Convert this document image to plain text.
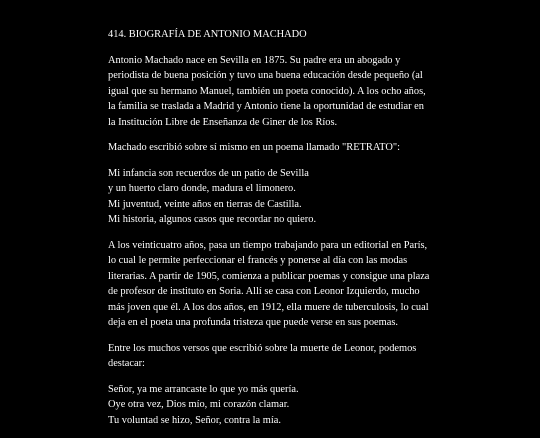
414. BIOGRAFÍA DE ANTONIO MACHADO

Antonio Machado nace en Sevilla en 1875. Su padre era un abogado y periodista de buena posición y tuvo una buena educación desde pequeño (al igual que su hermano Manuel, también un poeta conocido). A los ocho años, la familia se traslada a Madrid y Antonio tiene la oportunidad de estudiar en la Institución Libre de Enseñanza de Giner de los Ríos.

Machado escribió sobre sí mismo en un poema llamado "RETRATO":

Mi infancia son recuerdos de un patio de Sevilla
y un huerto claro donde, madura el limonero.
Mi juventud, veinte años en tierras de Castilla.
Mi historia, algunos casos que recordar no quiero.

A los veinticuatro años, pasa un tiempo trabajando para un editorial en París, lo cual le permite perfeccionar el francés y ponerse al día con las modas literarias. A partir de 1905, comienza a publicar poemas y consigue una plaza de profesor de instituto en Soria. Allí se casa con Leonor Izquierdo, mucho más joven que él. A los dos años, en 1912, ella muere de tuberculosis, lo cual deja en el poeta una profunda tristeza que puede verse en sus poemas.

Entre los muchos versos que escribió sobre la muerte de Leonor, podemos destacar:

Señor, ya me arrancaste lo que yo más quería.
Oye otra vez, Dios mío, mi corazón clamar.
Tu voluntad se hizo, Señor, contra la mía.
